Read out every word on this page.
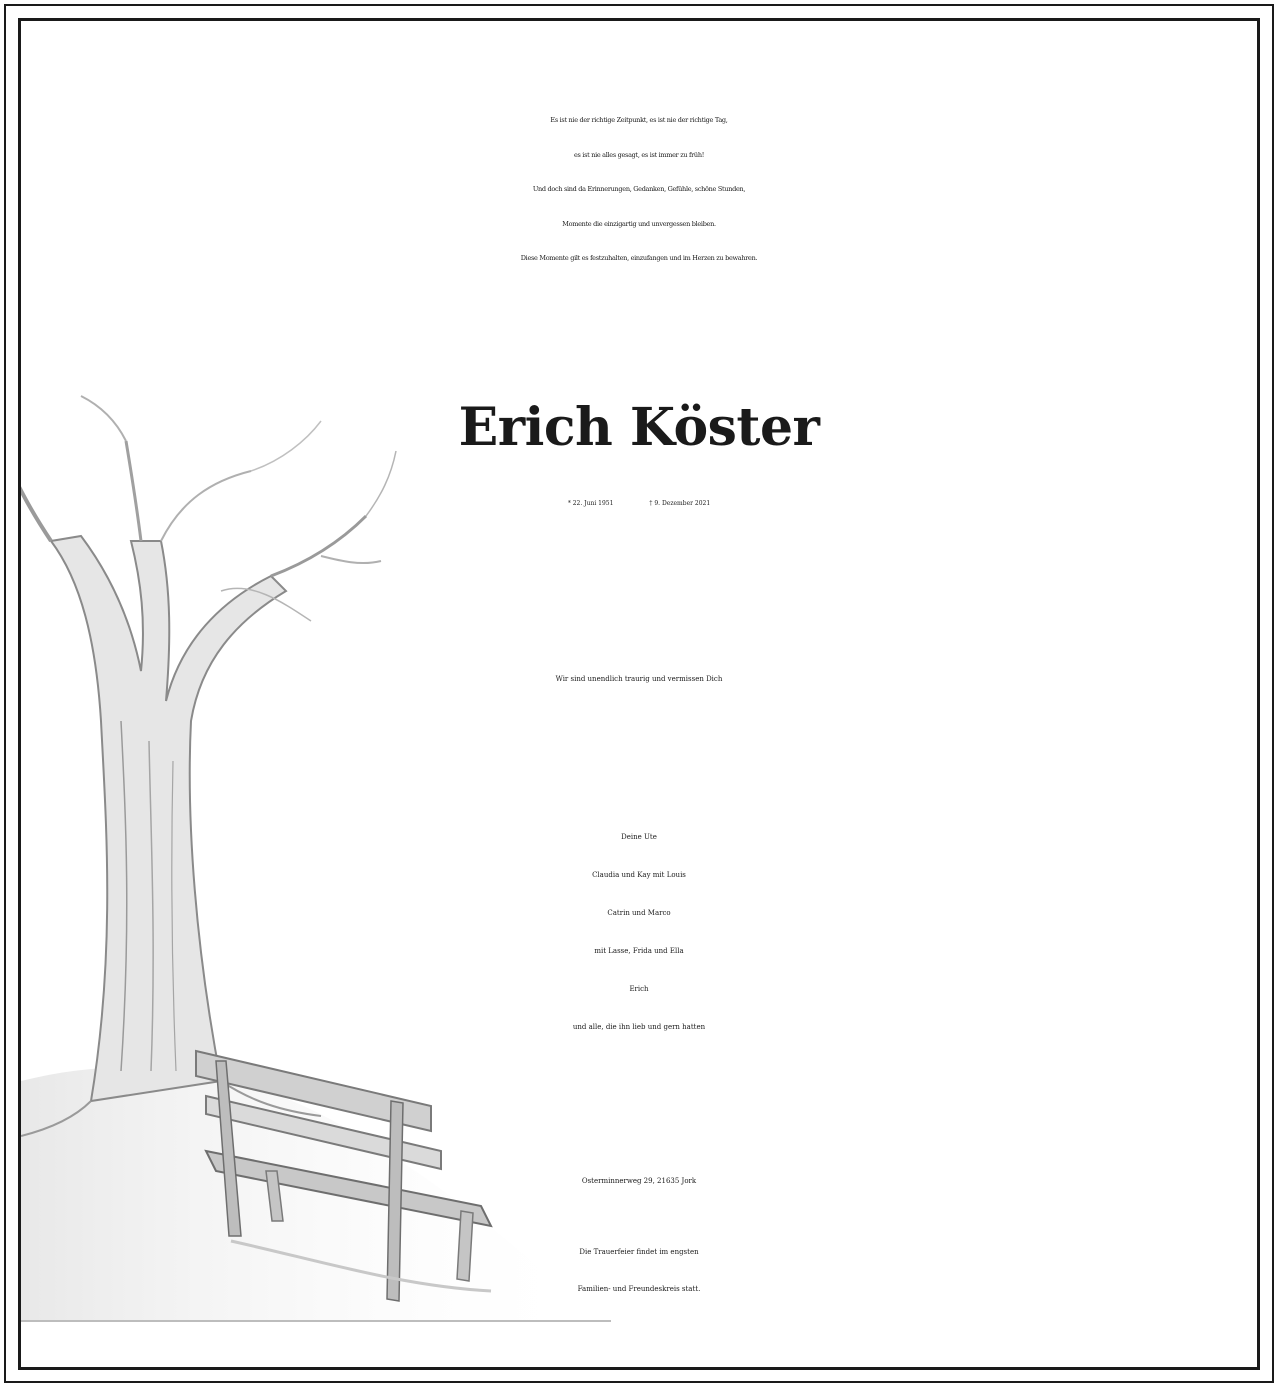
Es ist nie der richtige Zeitpunkt, es ist nie der richtige Tag,
es ist nie alles gesagt, es ist immer zu früh!
Und doch sind da Erinnerungen, Gedanken, Gefühle, schöne Stunden,
Momente die einzigartig und unvergessen bleiben.
Diese Momente gilt es festzuhalten, einzufangen und im Herzen zu bewahren.
Erich Köster
* 22. Juni 1951	† 9. Dezember 2021
Wir sind unendlich traurig und vermissen Dich
Deine Ute
Claudia und Kay mit Louis
Catrin und Marco
mit Lasse, Frida und Ella
Erich
und alle, die ihn lieb und gern hatten
Osterminnerweg 29, 21635 Jork
Die Trauerfeier findet im engsten
Familien- und Freundeskreis statt.
